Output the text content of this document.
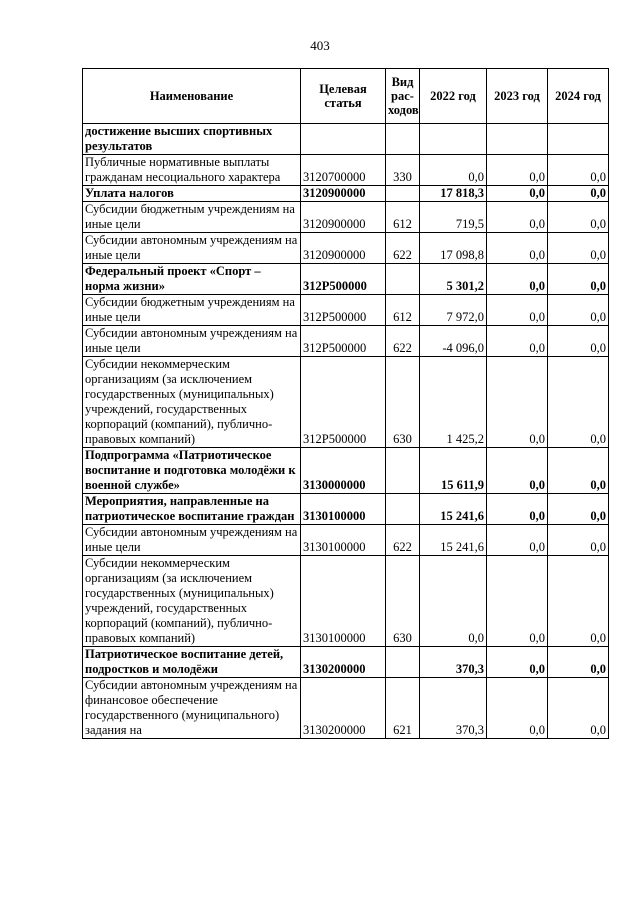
403
Наименование	Целевая статья	Вид рас-ходов	2022 год	2023 год	2024 год
достижение высших спортивных результатов					
Публичные нормативные выплаты гражданам несоциального характера	3120700000	330	0,0	0,0	0,0
Уплата налогов	3120900000		17 818,3	0,0	0,0
Субсидии бюджетным учреждениям на иные цели	3120900000	612	719,5	0,0	0,0
Субсидии автономным учреждениям на иные цели	3120900000	622	17 098,8	0,0	0,0
Федеральный проект «Спорт – норма жизни»	312P500000		5 301,2	0,0	0,0
Субсидии бюджетным учреждениям на иные цели	312P500000	612	7 972,0	0,0	0,0
Субсидии автономным учреждениям на иные цели	312P500000	622	-4 096,0	0,0	0,0
Субсидии некоммерческим организациям (за исключением государственных (муниципальных) учреждений, государственных корпораций (компаний), публично-правовых компаний)	312P500000	630	1 425,2	0,0	0,0
Подпрограмма «Патриотическое воспитание и подготовка молодёжи к военной службе»	3130000000		15 611,9	0,0	0,0
Мероприятия, направленные на патриотическое воспитание граждан	3130100000		15 241,6	0,0	0,0
Субсидии автономным учреждениям на иные цели	3130100000	622	15 241,6	0,0	0,0
Субсидии некоммерческим организациям (за исключением государственных (муниципальных) учреждений, государственных корпораций (компаний), публично-правовых компаний)	3130100000	630	0,0	0,0	0,0
Патриотическое воспитание детей, подростков и молодёжи	3130200000		370,3	0,0	0,0
Субсидии автономным учреждениям на финансовое обеспечение государственного (муниципального) задания на	3130200000	621	370,3	0,0	0,0
